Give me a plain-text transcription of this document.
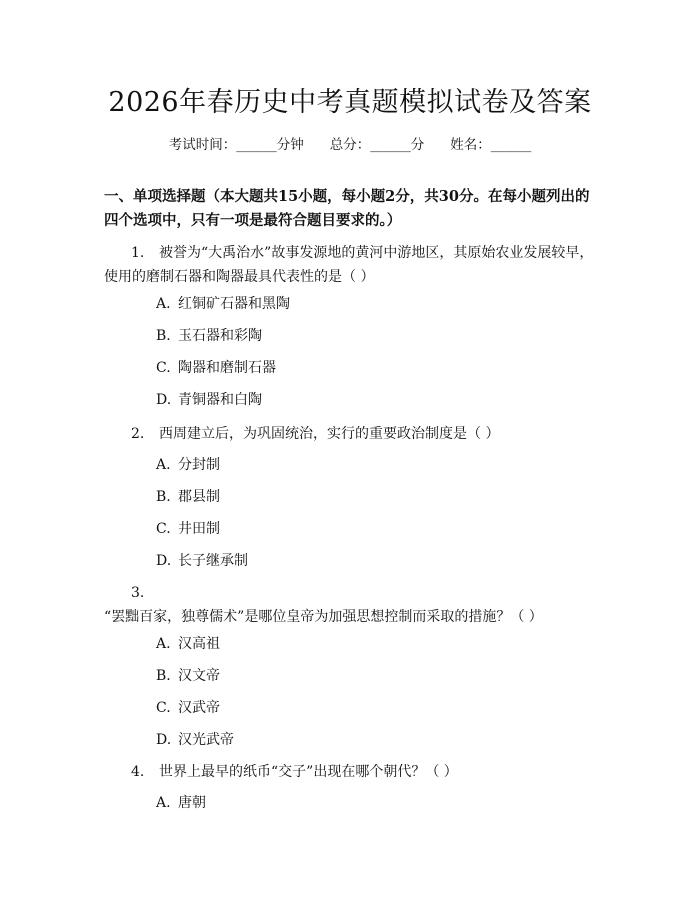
2026年春历史中考真题模拟试卷及答案
考试时间：______分钟 总分：______分 姓名：______
一、单项选择题（本大题共15小题，每小题2分，共30分。在每小题列出的四个选项中，只有一项是最符合题目要求的。）
1. 被誉为“大禹治水”故事发源地的黄河中游地区，其原始农业发展较早，使用的磨制石器和陶器最具代表性的是（ ）
A. 红铜矿石器和黑陶
B. 玉石器和彩陶
C. 陶器和磨制石器
D. 青铜器和白陶
2. 西周建立后，为巩固统治，实行的重要政治制度是（ ）
A. 分封制
B. 郡县制
C. 井田制
D. 长子继承制
3.“罢黜百家，独尊儒术”是哪位皇帝为加强思想控制而采取的措施？（ ）
A. 汉高祖
B. 汉文帝
C. 汉武帝
D. 汉光武帝
4. 世界上最早的纸币“交子”出现在哪个朝代？（ ）
A. 唐朝
